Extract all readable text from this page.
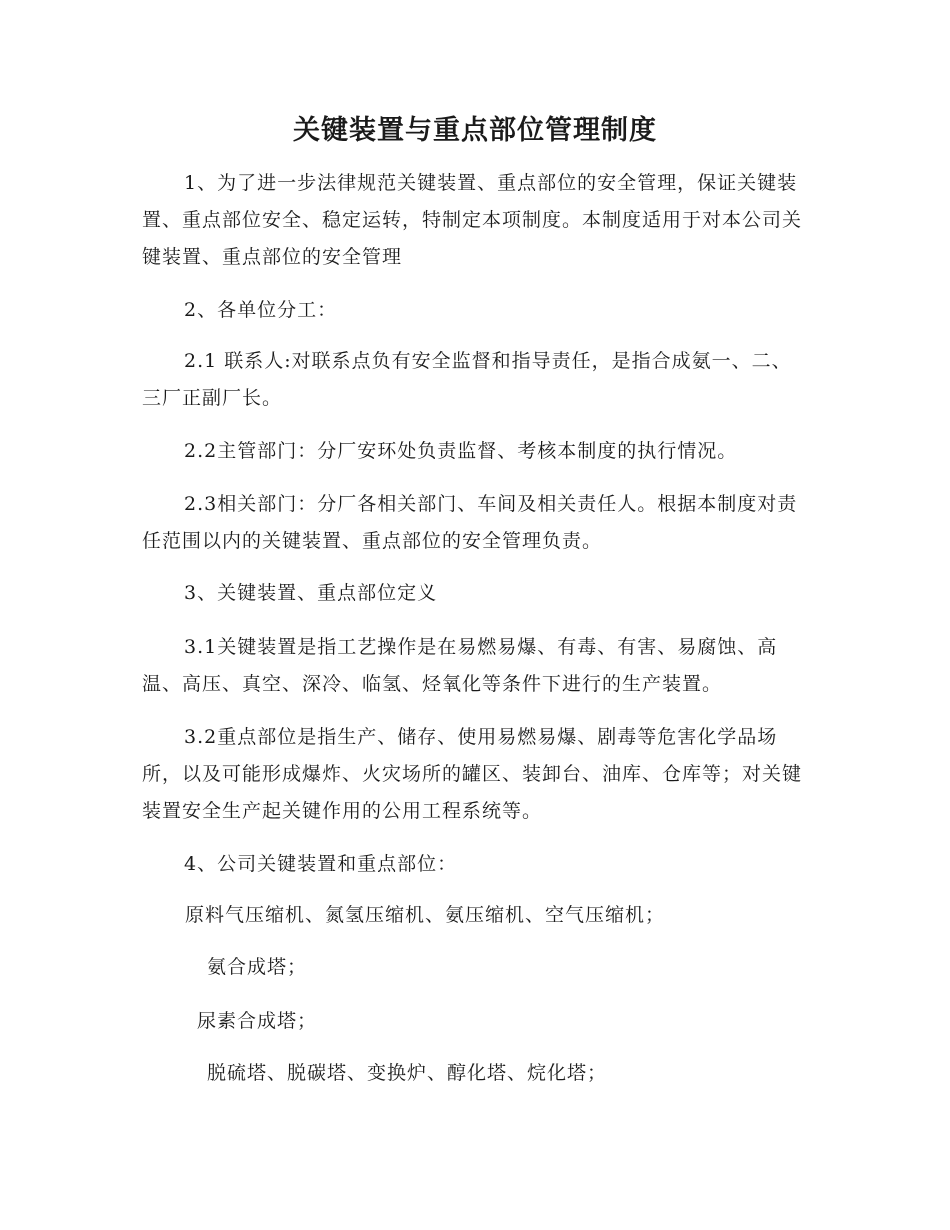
关键装置与重点部位管理制度

1、为了进一步法律规范关键装置、重点部位的安全管理，保证关键装置、重点部位安全、稳定运转，特制定本项制度。本制度适用于对本公司关键装置、重点部位的安全管理

2、各单位分工：

2.1 联系人:对联系点负有安全监督和指导责任，是指合成氨一、二、三厂正副厂长。

2.2主管部门：分厂安环处负责监督、考核本制度的执行情况。

2.3相关部门：分厂各相关部门、车间及相关责任人。根据本制度对责任范围以内的关键装置、重点部位的安全管理负责。

3、关键装置、重点部位定义

3.1关键装置是指工艺操作是在易燃易爆、有毒、有害、易腐蚀、高温、高压、真空、深冷、临氢、烃氧化等条件下进行的生产装置。

3.2重点部位是指生产、储存、使用易燃易爆、剧毒等危害化学品场所，以及可能形成爆炸、火灾场所的罐区、装卸台、油库、仓库等；对关键装置安全生产起关键作用的公用工程系统等。

4、公司关键装置和重点部位：

原料气压缩机、氮氢压缩机、氨压缩机、空气压缩机；

氨合成塔；

尿素合成塔；

脱硫塔、脱碳塔、变换炉、醇化塔、烷化塔；
